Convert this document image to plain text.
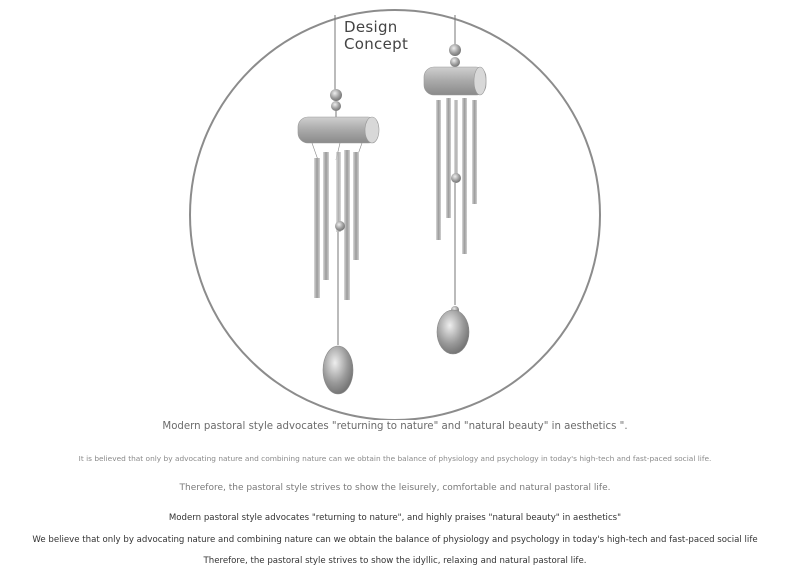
Design
Concept
Modern pastoral style advocates "returning to nature" and "natural beauty" in aesthetics ".
It is believed that only by advocating nature and combining nature can we obtain the balance of physiology and psychology in today's high-tech and fast-paced social life.
Therefore, the pastoral style strives to show the leisurely, comfortable and natural pastoral life.
Modern pastoral style advocates "returning to nature", and highly praises "natural beauty" in aesthetics"
We believe that only by advocating nature and combining nature can we obtain the balance of physiology and psychology in today's high-tech and fast-paced social life
Therefore, the pastoral style strives to show the idyllic, relaxing and natural pastoral life.
